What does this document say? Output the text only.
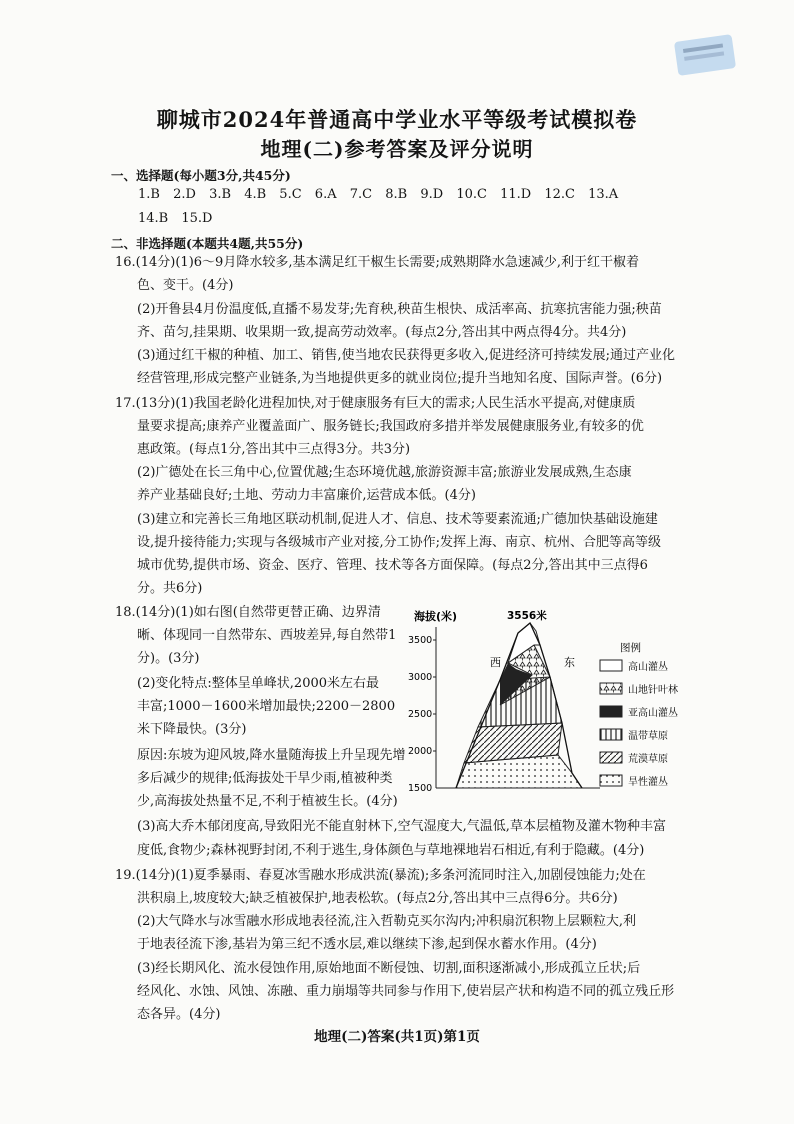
聊城市2024年普通高中学业水平等级考试模拟卷
地理(二)参考答案及评分说明
一、选择题(每小题3分,共45分)
1.B 2.D 3.B 4.B 5.C 6.A 7.C 8.B 9.D 10.C 11.D 12.C 13.A
14.B 15.D
二、非选择题(本题共4题,共55分)
16.(14分)(1)6～9月降水较多,基本满足红干椒生长需要;成熟期降水急速减少,利于红干椒着
色、变干。(4分)
(2)开鲁县4月份温度低,直播不易发芽;先育秧,秧苗生根快、成活率高、抗寒抗害能力强;秧苗
齐、苗匀,挂果期、收果期一致,提高劳动效率。(每点2分,答出其中两点得4分。共4分)
(3)通过红干椒的种植、加工、销售,使当地农民获得更多收入,促进经济可持续发展;通过产业化
经营管理,形成完整产业链条,为当地提供更多的就业岗位;提升当地知名度、国际声誉。(6分)
17.(13分)(1)我国老龄化进程加快,对于健康服务有巨大的需求;人民生活水平提高,对健康质
量要求提高;康养产业覆盖面广、服务链长;我国政府多措并举发展健康服务业,有较多的优
惠政策。(每点1分,答出其中三点得3分。共3分)
(2)广德处在长三角中心,位置优越;生态环境优越,旅游资源丰富;旅游业发展成熟,生态康
养产业基础良好;土地、劳动力丰富廉价,运营成本低。(4分)
(3)建立和完善长三角地区联动机制,促进人才、信息、技术等要素流通;广德加快基础设施建
设,提升接待能力;实现与各级城市产业对接,分工协作;发挥上海、南京、杭州、合肥等高等级
城市优势,提供市场、资金、医疗、管理、技术等各方面保障。(每点2分,答出其中三点得6
分。共6分)
18.(14分)(1)如右图(自然带更替正确、边界清
晰、体现同一自然带东、西坡差异,每自然带1
分)。(3分)
(2)变化特点:整体呈单峰状,2000米左右最
丰富;1000－1600米增加最快;2200－2800
米下降最快。(3分)
原因:东坡为迎风坡,降水量随海拔上升呈现先增
多后减少的规律;低海拔处干旱少雨,植被种类
少,高海拔处热量不足,不利于植被生长。(4分)
(3)高大乔木郁闭度高,导致阳光不能直射林下,空气湿度大,气温低,草本层植物及灌木物种丰富
度低,食物少;森林视野封闭,不利于逃生,身体颜色与草地裸地岩石相近,有利于隐藏。(4分)
海拔(米)
3500
3000
2500
2000
1500
3556米
西	东
图例
高山灌丛
山地针叶林
亚高山灌丛
温带草原
荒漠草原
旱性灌丛
19.(14分)(1)夏季暴雨、春夏冰雪融水形成洪流(暴流);多条河流同时注入,加剧侵蚀能力;处在
洪积扇上,坡度较大;缺乏植被保护,地表松软。(每点2分,答出其中三点得6分。共6分)
(2)大气降水与冰雪融水形成地表径流,注入哲勒克买尔沟内;冲积扇沉积物上层颗粒大,利
于地表径流下渗,基岩为第三纪不透水层,难以继续下渗,起到保水蓄水作用。(4分)
(3)经长期风化、流水侵蚀作用,原始地面不断侵蚀、切割,面积逐渐减小,形成孤立丘状;后
经风化、水蚀、风蚀、冻融、重力崩塌等共同参与作用下,使岩层产状和构造不同的孤立残丘形
态各异。(4分)
地理(二)答案(共1页)第1页
